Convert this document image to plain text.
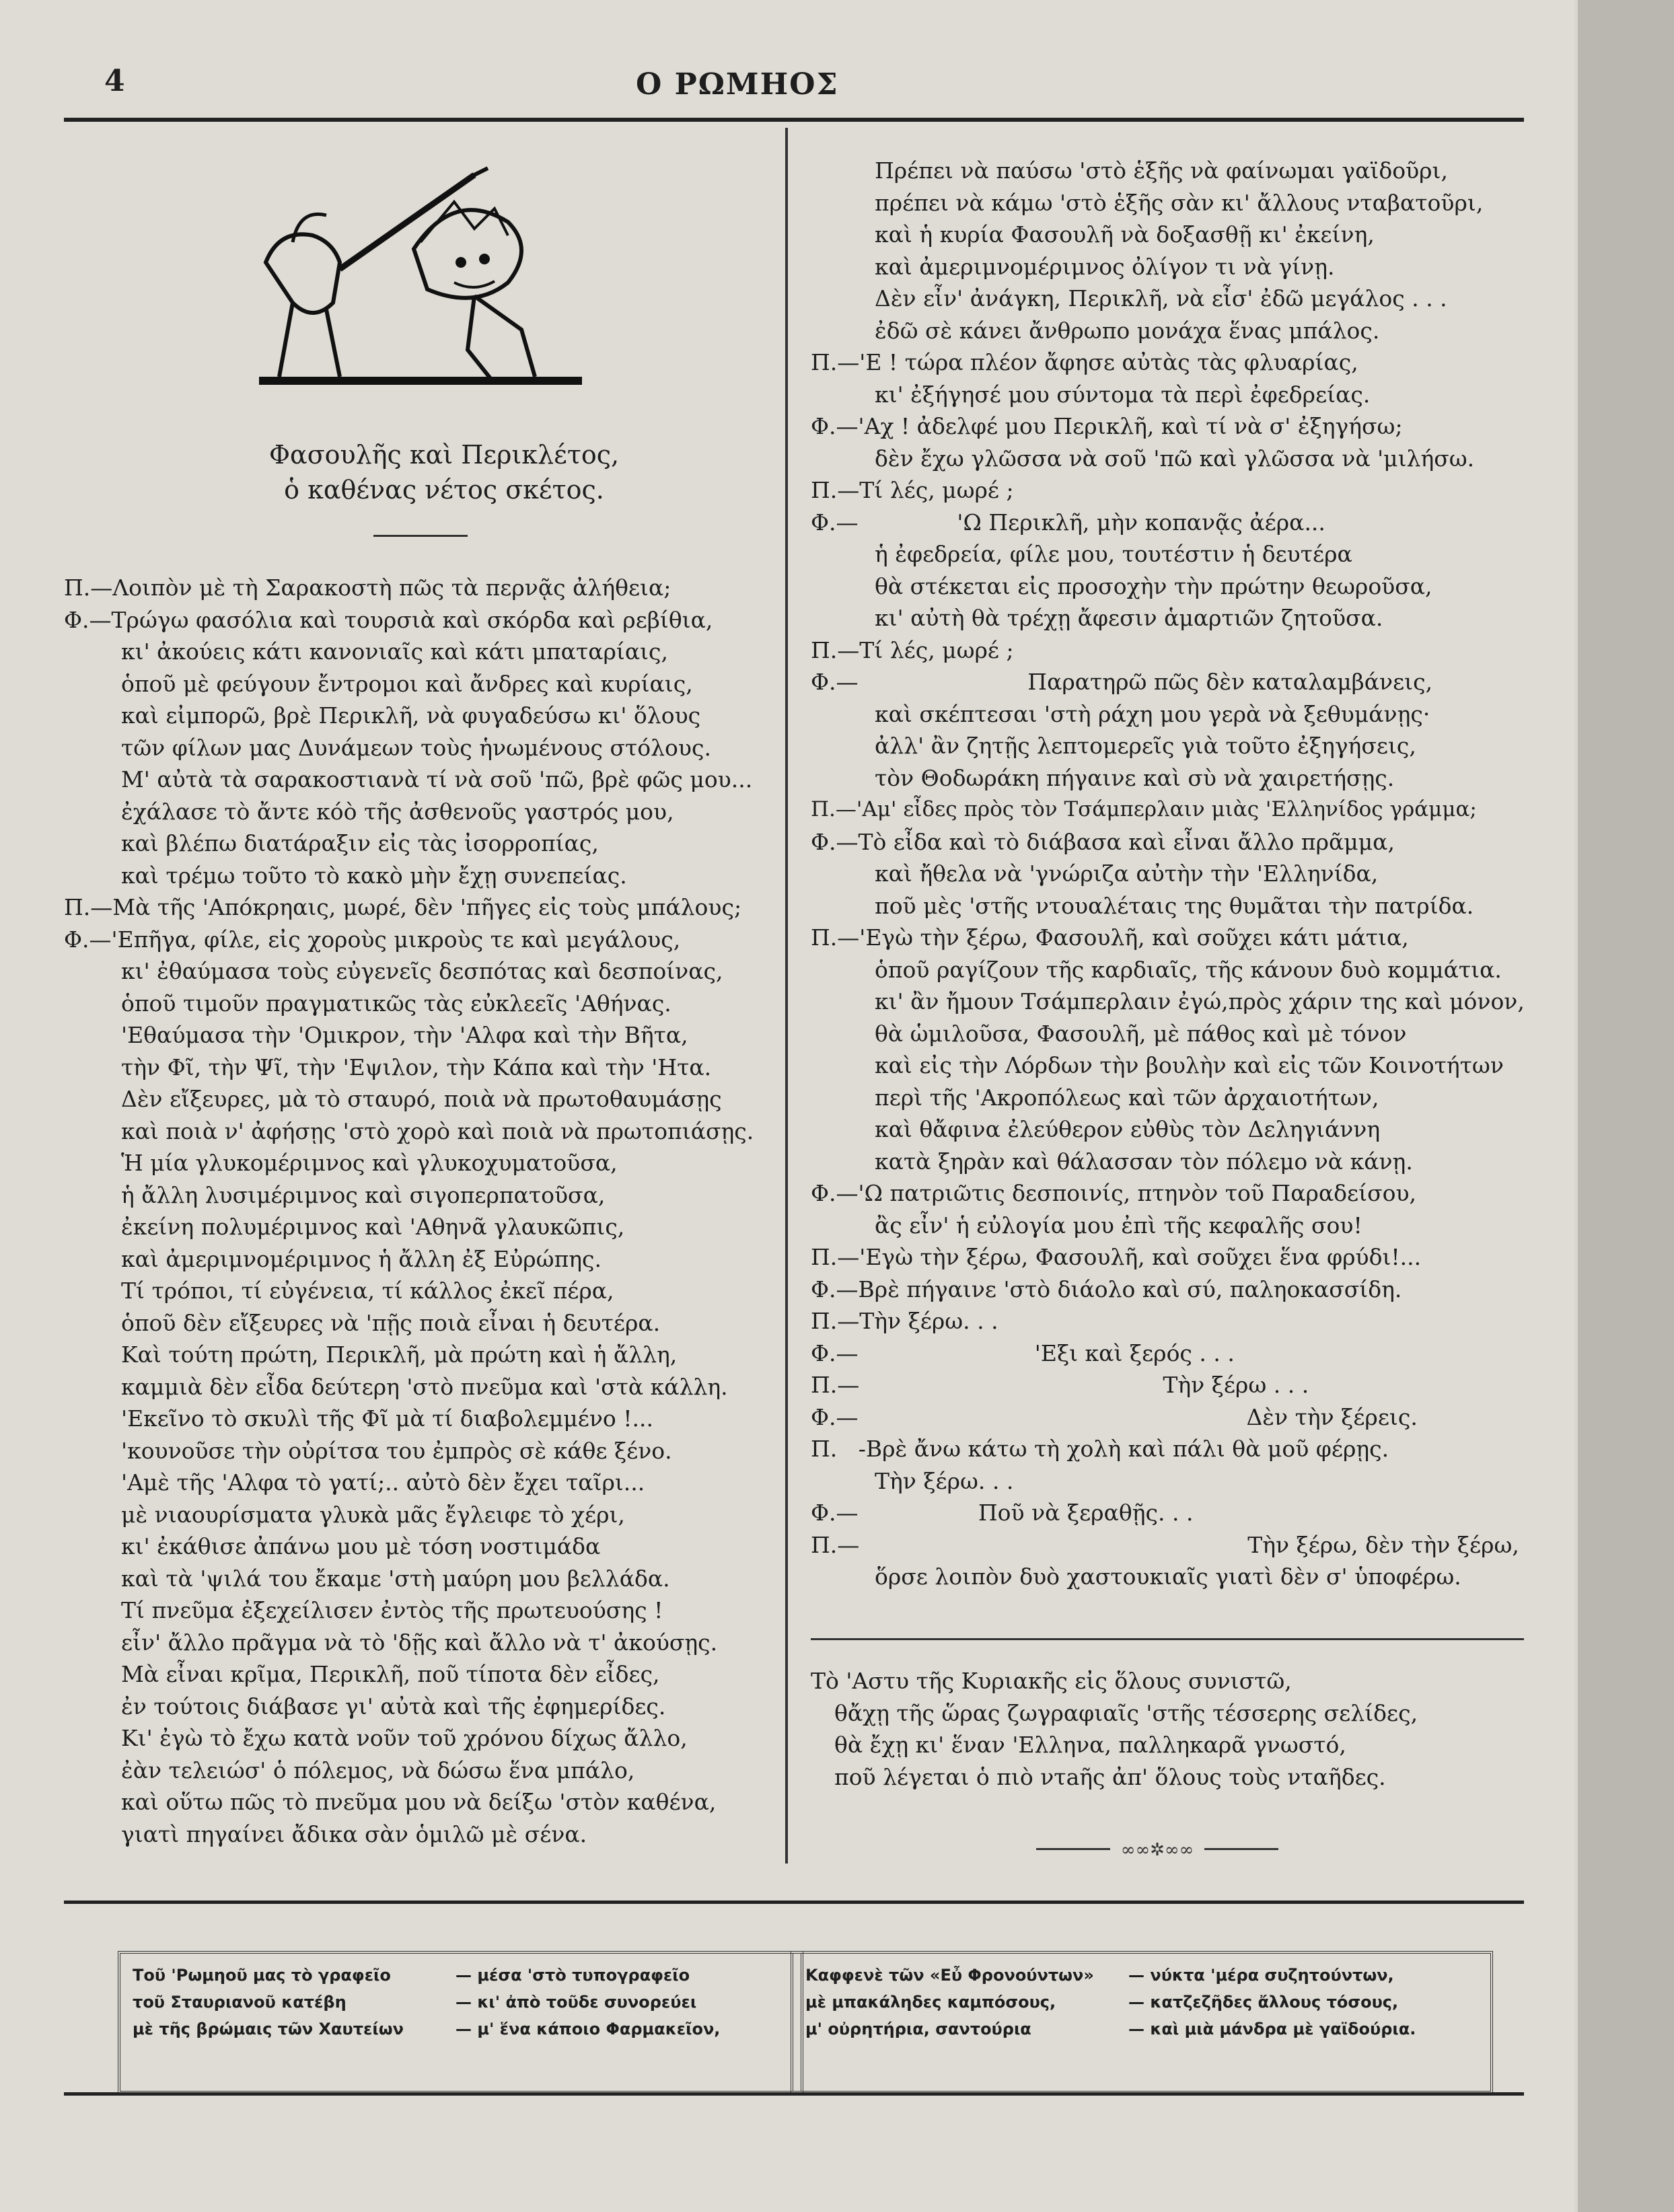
4	Ο ΡΩΜΗΟΣ
Φασουλῆς καὶ Περικλέτος,
ὁ καθένας νέτος σκέτος.
Π.—Λοιπὸν μὲ τὴ Σαρακοστὴ πῶς τὰ περνᾷς ἀλήθεια;
Φ.—Τρώγω φασόλια καὶ τουρσιὰ καὶ σκόρδα καὶ ρεβίθια,
κι' ἀκούεις κάτι κανονιαῖς καὶ κάτι μπαταρίαις,
ὁποῦ μὲ φεύγουν ἔντρομοι καὶ ἄνδρες καὶ κυρίαις,
καὶ εἰμπορῶ, βρὲ Περικλῆ, νὰ φυγαδεύσω κι' ὅλους
τῶν φίλων μας Δυνάμεων τοὺς ἡνωμένους στόλους.
Μ' αὐτὰ τὰ σαρακοστιανὰ τί νὰ σοῦ 'πῶ, βρὲ φῶς μου...
ἐχάλασε τὸ ἄντε κόὸ τῆς ἀσθενοῦς γαστρός μου,
καὶ βλέπω διατάραξιν εἰς τὰς ἰσορροπίας,
καὶ τρέμω τοῦτο τὸ κακὸ μὴν ἔχῃ συνεπείας.
Π.—Μὰ τῆς 'Απόκρηαις, μωρέ, δὲν 'πῆγες εἰς τοὺς μπάλους;
Φ.—'Επῆγα, φίλε, εἰς χοροὺς μικροὺς τε καὶ μεγάλους,
κι' ἐθαύμασα τοὺς εὐγενεῖς δεσπότας καὶ δεσποίνας,
ὁποῦ τιμοῦν πραγματικῶς τὰς εὐκλεεῖς 'Αθήνας.
'Εθαύμασα τὴν 'Ομικρον, τὴν 'Αλφα καὶ τὴν Βῆτα,
τὴν Φῖ, τὴν Ψῖ, τὴν 'Εψιλον, τὴν Κάπα καὶ τὴν 'Ητα.
Δὲν εἴξευρες, μὰ τὸ σταυρό, ποιὰ νὰ πρωτοθαυμάσῃς
καὶ ποιὰ ν' ἀφήσῃς 'στὸ χορὸ καὶ ποιὰ νὰ πρωτοπιάσῃς.
Ἡ μία γλυκομέριμνος καὶ γλυκοχυματοῦσα,
ἡ ἄλλη λυσιμέριμνος καὶ σιγοπερπατοῦσα,
ἐκείνη πολυμέριμνος καὶ 'Αθηνᾶ γλαυκῶπις,
καὶ ἀμεριμνομέριμνος ἡ ἄλλη ἐξ Εὐρώπης.
Τί τρόποι, τί εὐγένεια, τί κάλλος ἐκεῖ πέρα,
ὁποῦ δὲν εἴξευρες νὰ 'πῇς ποιὰ εἶναι ἡ δευτέρα.
Καὶ τούτη πρώτη, Περικλῆ, μὰ πρώτη καὶ ἡ ἄλλη,
καμμιὰ δὲν εἶδα δεύτερη 'στὸ πνεῦμα καὶ 'στὰ κάλλη.
'Εκεῖνο τὸ σκυλὶ τῆς Φῖ μὰ τί διαβολεμμένο !...
'κουνοῦσε τὴν οὐρίτσα του ἐμπρὸς σὲ κάθε ξένο.
'Αμὲ τῆς 'Αλφα τὸ γατί;.. αὐτὸ δὲν ἔχει ταῖρι...
μὲ νιαουρίσματα γλυκὰ μᾶς ἔγλειφε τὸ χέρι,
κι' ἐκάθισε ἀπάνω μου μὲ τόση νοστιμάδα
καὶ τὰ 'ψιλά του ἔκαμε 'στὴ μαύρη μου βελλάδα.
Τί πνεῦμα ἐξεχείλισεν ἐντὸς τῆς πρωτευούσης !
εἶν' ἄλλο πρᾶγμα νὰ τὸ 'δῇς καὶ ἄλλο νὰ τ' ἀκούσῃς.
Μὰ εἶναι κρῖμα, Περικλῆ, ποῦ τίποτα δὲν εἶδες,
ἐν τούτοις διάβασε γι' αὐτὰ καὶ τῆς ἐφημερίδες.
Κι' ἐγὼ τὸ ἔχω κατὰ νοῦν τοῦ χρόνου δίχως ἄλλο,
ἐὰν τελειώσ' ὁ πόλεμος, νὰ δώσω ἕνα μπάλο,
καὶ οὕτω πῶς τὸ πνεῦμα μου νὰ δείξω 'στὸν καθένα,
γιατὶ πηγαίνει ἄδικα σὰν ὁμιλῶ μὲ σένα.
Πρέπει νὰ παύσω 'στὸ ἑξῆς νὰ φαίνωμαι γαϊδοῦρι,
πρέπει νὰ κάμω 'στὸ ἑξῆς σὰν κι' ἄλλους νταβατοῦρι,
καὶ ἡ κυρία Φασουλῆ νὰ δοξασθῇ κι' ἐκείνη,
καὶ ἀμεριμνομέριμνος ὀλίγον τι νὰ γίνῃ.
Δὲν εἶν' ἀνάγκη, Περικλῆ, νὰ εἶσ' ἐδῶ μεγάλος . . .
ἐδῶ σὲ κάνει ἄνθρωπο μονάχα ἕνας μπάλος.
Π.—'Ε ! τώρα πλέον ἄφησε αὐτὰς τὰς φλυαρίας,
κι' ἐξήγησέ μου σύντομα τὰ περὶ ἐφεδρείας.
Φ.—'Αχ ! ἀδελφέ μου Περικλῆ, καὶ τί νὰ σ' ἐξηγήσω;
δὲν ἔχω γλῶσσα νὰ σοῦ 'πῶ καὶ γλῶσσα νὰ 'μιλήσω.
Π.—Τί λές, μωρέ ;
Φ.—              'Ω Περικλῆ, μὴν κοπανᾷς ἀέρα...
ἡ ἐφεδρεία, φίλε μου, τουτέστιν ἡ δευτέρα
θὰ στέκεται εἰς προσοχὴν τὴν πρώτην θεωροῦσα,
κι' αὐτὴ θὰ τρέχῃ ἄφεσιν ἁμαρτιῶν ζητοῦσα.
Π.—Τί λές, μωρέ ;
Φ.—                        Παρατηρῶ πῶς δὲν καταλαμβάνεις,
καὶ σκέπτεσαι 'στὴ ράχη μου γερὰ νὰ ξεθυμάνῃς·
ἀλλ' ἂν ζητῇς λεπτομερεῖς γιὰ τοῦτο ἐξηγήσεις,
τὸν Θοδωράκη πήγαινε καὶ σὺ νὰ χαιρετήσῃς.
Π.—'Αμ' εἶδες πρὸς τὸν Τσάμπερλαιν μιὰς 'Ελληνίδος γράμμα;
Φ.—Τὸ εἶδα καὶ τὸ διάβασα καὶ εἶναι ἄλλο πρᾶμμα,
καὶ ἤθελα νὰ 'γνώριζα αὐτὴν τὴν 'Ελληνίδα,
ποῦ μὲς 'στῆς ντουαλέταις της θυμᾶται τὴν πατρίδα.
Π.—'Εγὼ τὴν ξέρω, Φασουλῆ, καὶ σοῦχει κάτι μάτια,
ὁποῦ ραγίζουν τῆς καρδιαῖς, τῆς κάνουν δυὸ κομμάτια.
κι' ἂν ἤμουν Τσάμπερλαιν ἐγώ,πρὸς χάριν της καὶ μόνον,
θὰ ὡμιλοῦσα, Φασουλῆ, μὲ πάθος καὶ μὲ τόνον
καὶ εἰς τὴν Λόρδων τὴν βουλὴν καὶ εἰς τῶν Κοινοτήτων
περὶ τῆς 'Ακροπόλεως καὶ τῶν ἀρχαιοτήτων,
καὶ θἄφινα ἐλεύθερον εὐθὺς τὸν Δεληγιάννη
κατὰ ξηρὰν καὶ θάλασσαν τὸν πόλεμο νὰ κάνῃ.
Φ.—'Ω πατριῶτις δεσποινίς, πτηνὸν τοῦ Παραδείσου,
ἂς εἶν' ἡ εὐλογία μου ἐπὶ τῆς κεφαλῆς σου!
Π.—'Εγὼ τὴν ξέρω, Φασουλῆ, καὶ σοῦχει ἕνα φρύδι!...
Φ.—Βρὲ πήγαινε 'στὸ διάολο καὶ σύ, παληοκασσίδη.
Π.—Τὴν ξέρω. . .
Φ.—                         'Εξι καὶ ξερός . . .
Π.—                                           Τὴν ξέρω . . .
Φ.—                                                       Δὲν τὴν ξέρεις.
Π.   -Βρὲ ἄνω κάτω τὴ χολὴ καὶ πάλι θὰ μοῦ φέρῃς.
Τὴν ξέρω. . .
Φ.—                 Ποῦ νὰ ξεραθῇς. . .
Π.—                                                       Τὴν ξέρω, δὲν τὴν ξέρω,
ὅρσε λοιπὸν δυὸ χαστουκιαῖς γιατὶ δὲν σ' ὑποφέρω.
Τὸ 'Αστυ τῆς Κυριακῆς εἰς ὅλους συνιστῶ,
θἄχῃ τῆς ὥρας ζωγραφιαῖς 'στῆς τέσσερης σελίδες,
θὰ ἔχῃ κι' ἕναν 'Ελληνα, παλληκαρᾶ γνωστό,
ποῦ λέγεται ὁ πιὸ ντaῆς ἀπ' ὅλους τοὺς νταῆδες.
∞∞✲∞∞
Τοῦ 'Ρωμηοῦ μας τὸ γραφεῖο	— μέσα 'στὸ τυπογραφεῖο
τοῦ Σταυριανοῦ κατέβη	— κι' ἀπὸ τοῦδε συνορεύει
μὲ τῆς βρώμαις τῶν Χαυτείων	— μ' ἕνα κάποιο Φαρμακεῖον,
Καφφενὲ τῶν «Εὖ Φρονούντων» — νύκτα 'μέρα συζητούντων,
μὲ μπακάληδες καμπόσους,	— κατζεζῆδες ἄλλους τόσους,
μ' οὐρητήρια, σαντούρια	— καὶ μιὰ μάνδρα μὲ γαϊδούρια.
